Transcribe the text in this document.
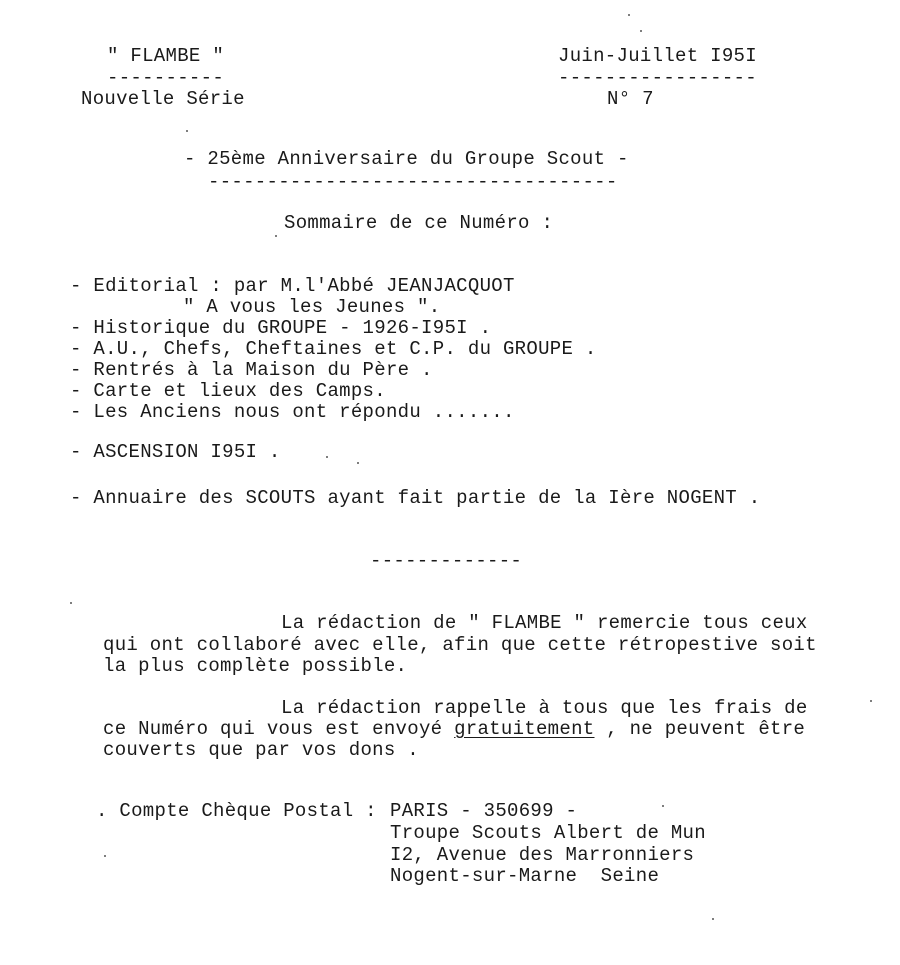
" FLAMBE "
----------
Nouvelle Série
Juin-Juillet I95I
-----------------
N° 7
- 25ème Anniversaire du Groupe Scout -
-----------------------------------
Sommaire de ce Numéro :
- Editorial : par M.l'Abbé JEANJACQUOT
" A vous les Jeunes ".
- Historique du GROUPE - 1926-I95I .
- A.U., Chefs, Cheftaines et C.P. du GROUPE .
- Rentrés à la Maison du Père .
- Carte et lieux des Camps.
- Les Anciens nous ont répondu .......
- ASCENSION I95I .
- Annuaire des SCOUTS ayant fait partie de la Ière NOGENT .
-------------
La rédaction de " FLAMBE " remercie tous ceux
qui ont collaboré avec elle, afin que cette rétropestive soit
la plus complète possible.
La rédaction rappelle à tous que les frais de
ce Numéro qui vous est envoyé gratuitement , ne peuvent être
couverts que par vos dons .
. Compte Chèque Postal : PARIS - 350699 -
Troupe Scouts Albert de Mun
I2, Avenue des Marronniers
Nogent-sur-Marne  Seine
